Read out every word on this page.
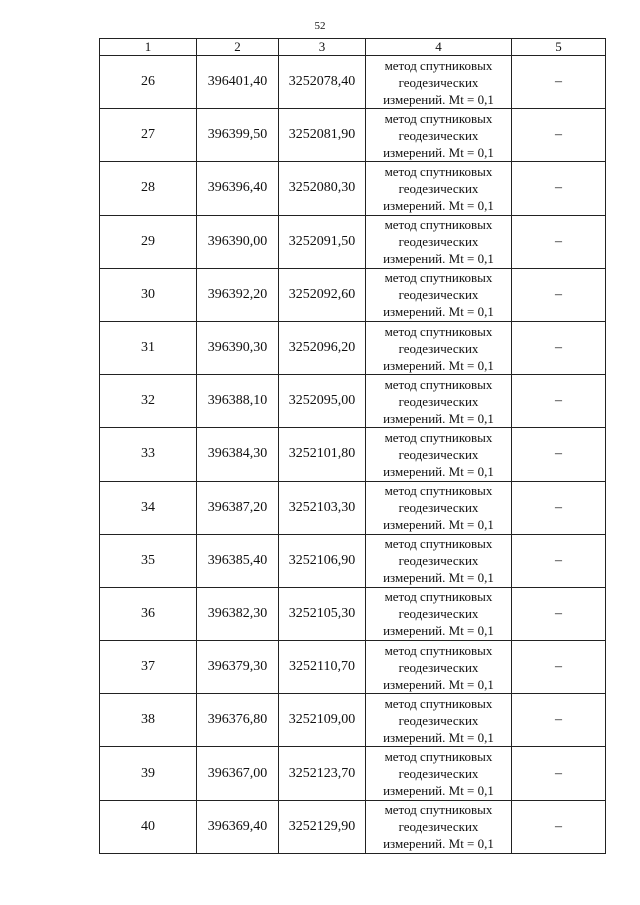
52
1	2	3	4	5
26	396401,40	3252078,40	метод спутниковых
геодезических
измерений. Mt = 0,1	–
27	396399,50	3252081,90	метод спутниковых
геодезических
измерений. Mt = 0,1	–
28	396396,40	3252080,30	метод спутниковых
геодезических
измерений. Mt = 0,1	–
29	396390,00	3252091,50	метод спутниковых
геодезических
измерений. Mt = 0,1	–
30	396392,20	3252092,60	метод спутниковых
геодезических
измерений. Mt = 0,1	–
31	396390,30	3252096,20	метод спутниковых
геодезических
измерений. Mt = 0,1	–
32	396388,10	3252095,00	метод спутниковых
геодезических
измерений. Mt = 0,1	–
33	396384,30	3252101,80	метод спутниковых
геодезических
измерений. Mt = 0,1	–
34	396387,20	3252103,30	метод спутниковых
геодезических
измерений. Mt = 0,1	–
35	396385,40	3252106,90	метод спутниковых
геодезических
измерений. Mt = 0,1	–
36	396382,30	3252105,30	метод спутниковых
геодезических
измерений. Mt = 0,1	–
37	396379,30	3252110,70	метод спутниковых
геодезических
измерений. Mt = 0,1	–
38	396376,80	3252109,00	метод спутниковых
геодезических
измерений. Mt = 0,1	–
39	396367,00	3252123,70	метод спутниковых
геодезических
измерений. Mt = 0,1	–
40	396369,40	3252129,90	метод спутниковых
геодезических
измерений. Mt = 0,1	–
